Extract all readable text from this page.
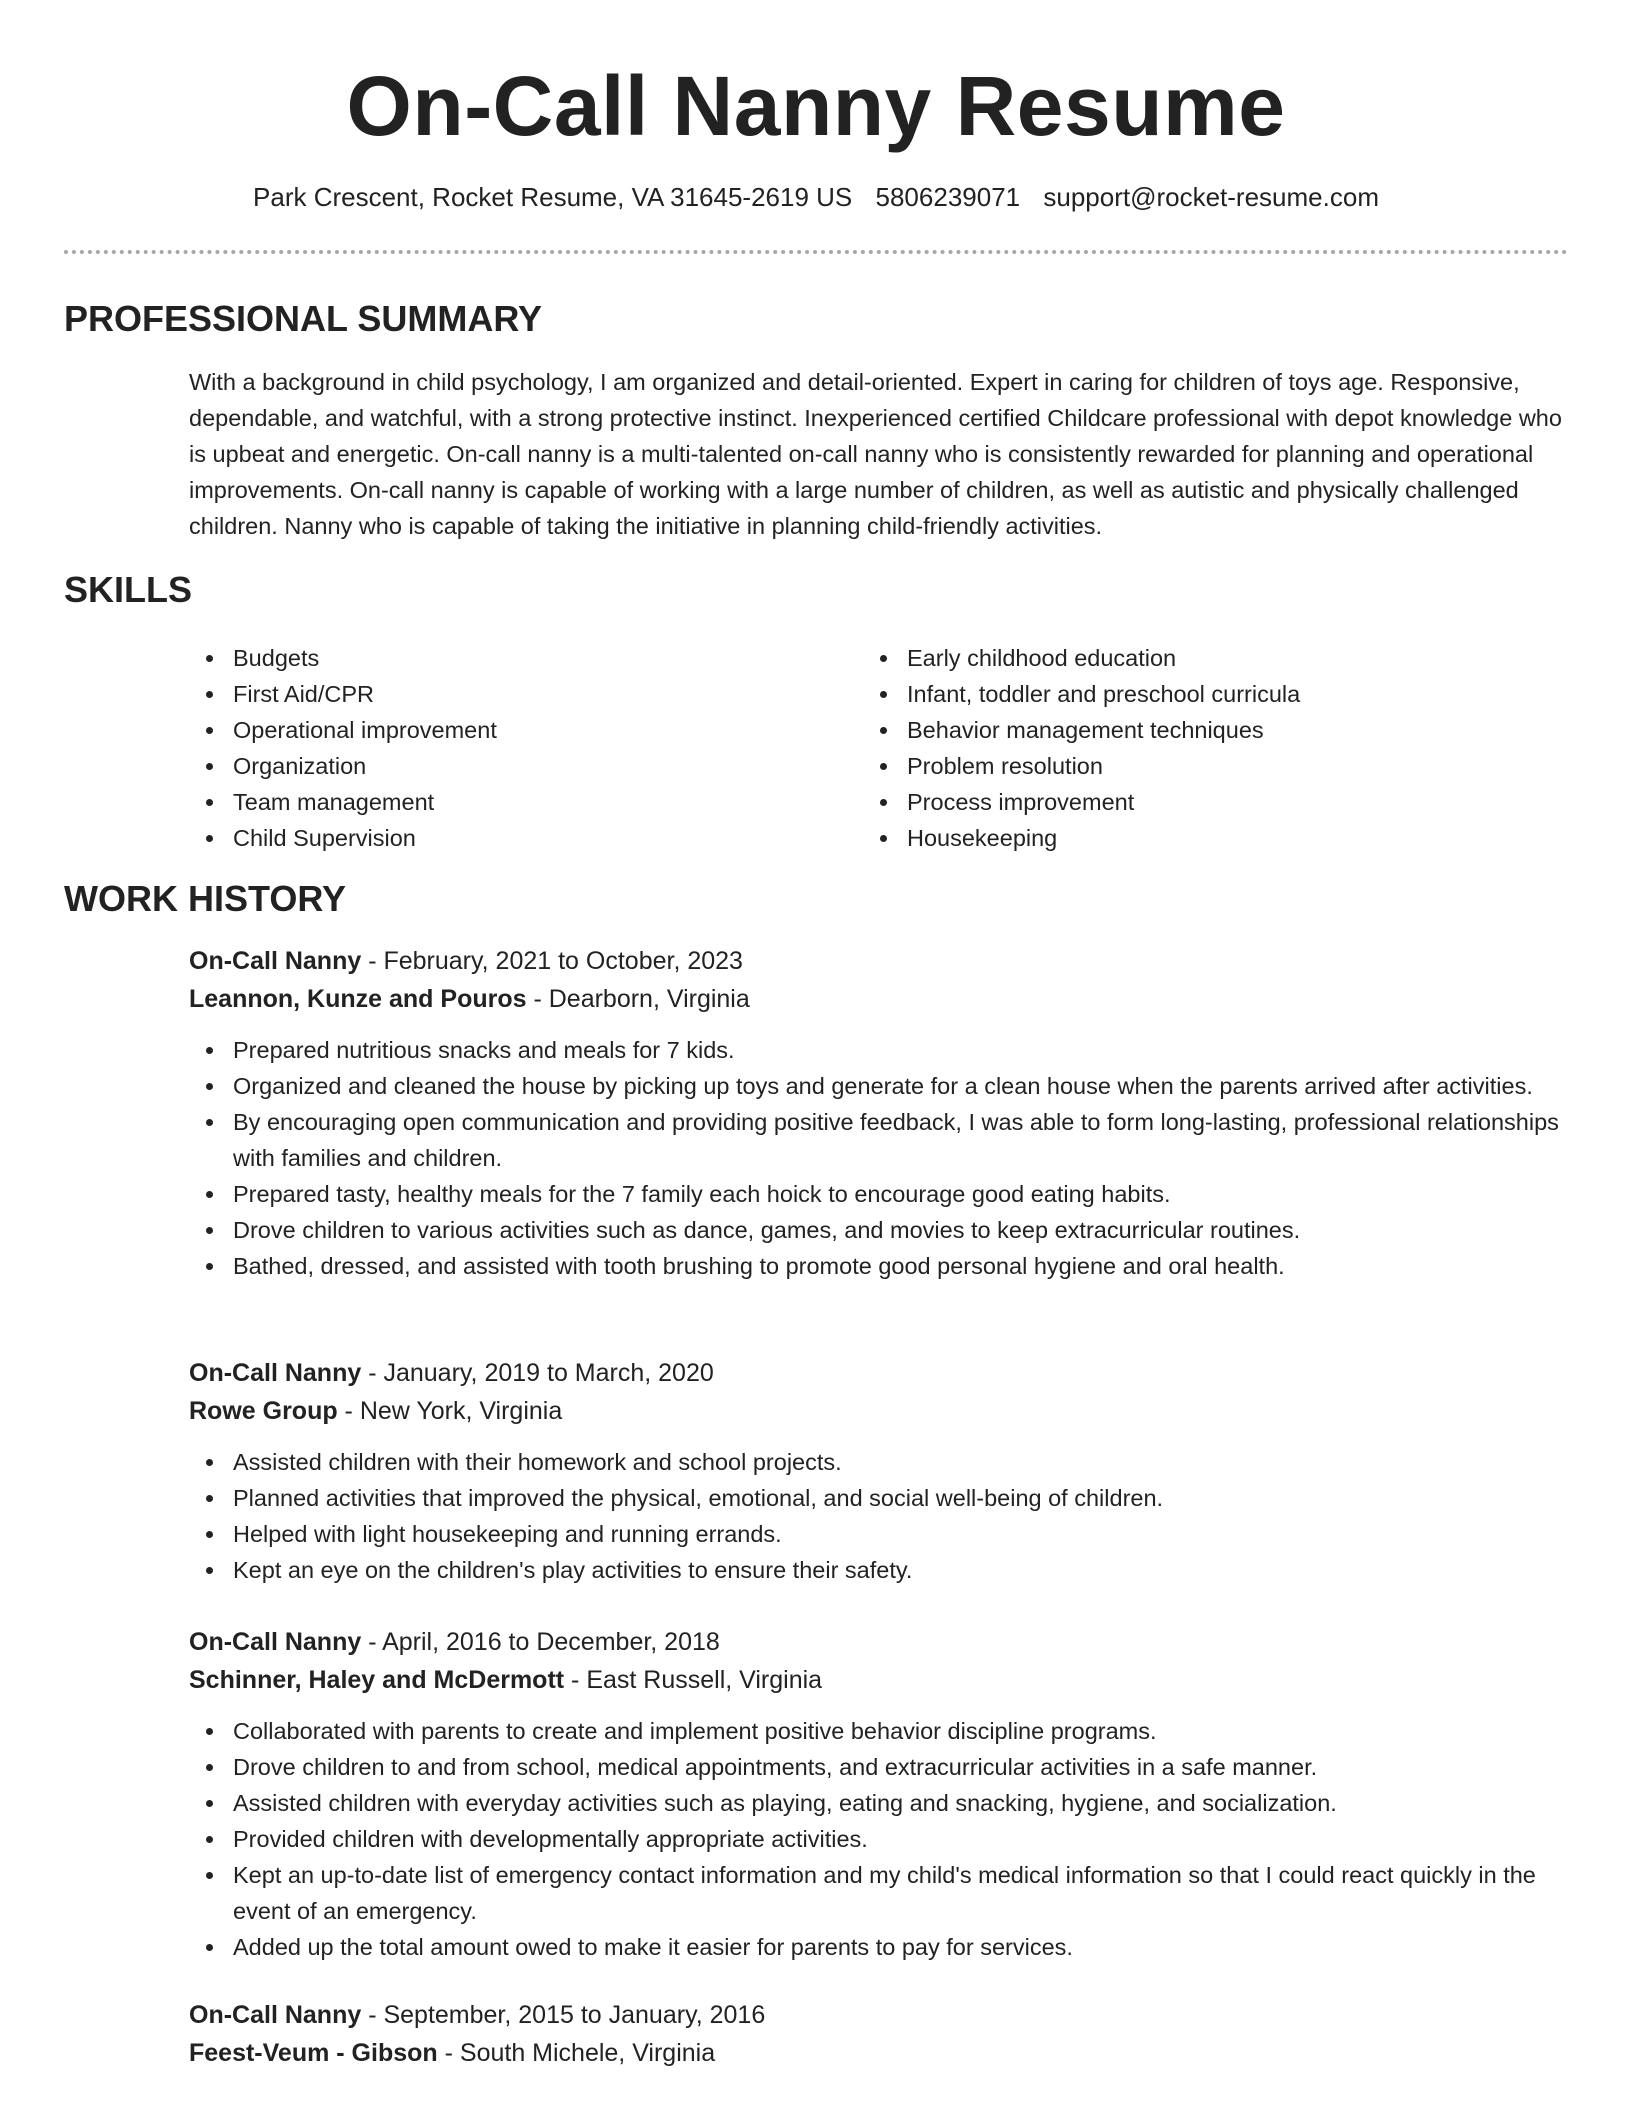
On-Call Nanny Resume
Park Crescent, Rocket Resume, VA 31645-2619 US 5806239071 support@rocket-resume.com
PROFESSIONAL SUMMARY

With a background in child psychology, I am organized and detail-oriented. Expert in caring for children of toys age. Responsive, dependable, and watchful, with a strong protective instinct. Inexperienced certified Childcare professional with depot knowledge who is upbeat and energetic. On-call nanny is a multi-talented on-call nanny who is consistently rewarded for planning and operational improvements. On-call nanny is capable of working with a large number of children, as well as autistic and physically challenged children. Nanny who is capable of taking the initiative in planning child-friendly activities.

SKILLS
Budgets
First Aid/CPR
Operational improvement
Organization
Team management
Child Supervision
Early childhood education
Infant, toddler and preschool curricula
Behavior management techniques
Problem resolution
Process improvement
Housekeeping
WORK HISTORY
On-Call Nanny - February, 2021 to October, 2023
Leannon, Kunze and Pouros - Dearborn, Virginia
Prepared nutritious snacks and meals for 7 kids.
Organized and cleaned the house by picking up toys and generate for a clean house when the parents arrived after activities.
By encouraging open communication and providing positive feedback, I was able to form long-lasting, professional relationships with families and children.
Prepared tasty, healthy meals for the 7 family each hoick to encourage good eating habits.
Drove children to various activities such as dance, games, and movies to keep extracurricular routines.
Bathed, dressed, and assisted with tooth brushing to promote good personal hygiene and oral health.
On-Call Nanny - January, 2019 to March, 2020
Rowe Group - New York, Virginia
Assisted children with their homework and school projects.
Planned activities that improved the physical, emotional, and social well-being of children.
Helped with light housekeeping and running errands.
Kept an eye on the children's play activities to ensure their safety.
On-Call Nanny - April, 2016 to December, 2018
Schinner, Haley and McDermott - East Russell, Virginia
Collaborated with parents to create and implement positive behavior discipline programs.
Drove children to and from school, medical appointments, and extracurricular activities in a safe manner.
Assisted children with everyday activities such as playing, eating and snacking, hygiene, and socialization.
Provided children with developmentally appropriate activities.
Kept an up-to-date list of emergency contact information and my child's medical information so that I could react quickly in the event of an emergency.
Added up the total amount owed to make it easier for parents to pay for services.
On-Call Nanny - September, 2015 to January, 2016
Feest-Veum - Gibson - South Michele, Virginia
